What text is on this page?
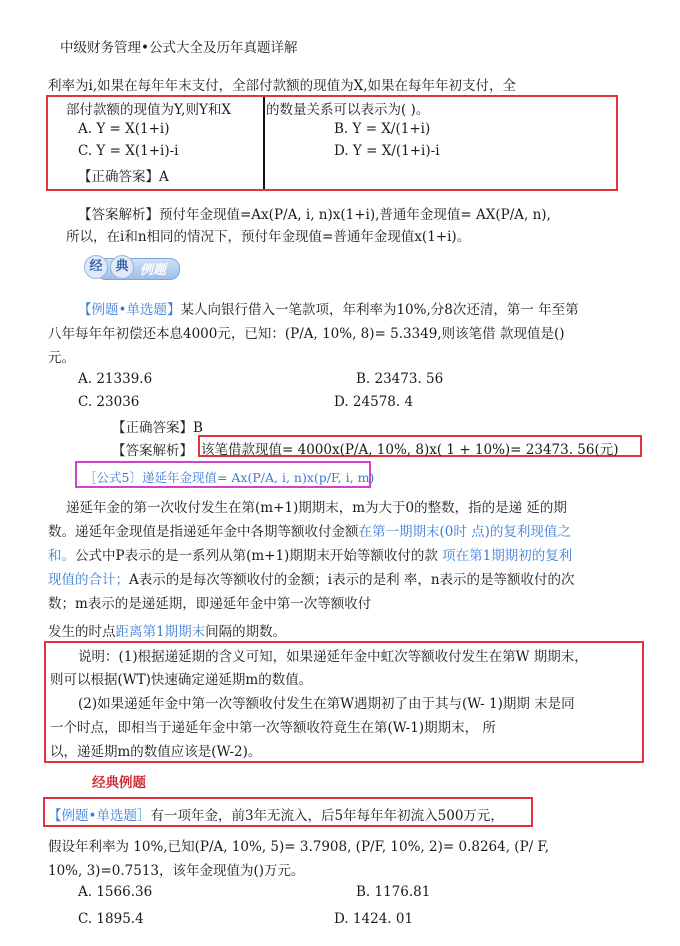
中级财务管理•公式大全及历年真题详解
利率为i,如果在每年年末支付，全部付款额的现值为X,如果在每年年初支付，全
部付款额的现值为Y,则Y和X	的数量关系可以表示为( )。
A. Y = X(1+i)	B. Y = X/(1+i)
C. Y = X(1+i)-i	D. Y = X/(1+i)-i
【正确答案】A
【答案解析】预付年金现值=Ax(P/A, i, n)x(1+i),普通年金现值= AX(P/A, n),
所以，在i和n相同的情况下，预付年金现值=普通年金现值x(1+i)。
经 典 例题
【例题•单选题】某人向银行借入一笔款项，年利率为10%,分8次还清，第一 年至第
八年每年年初偿还本息4000元，已知：(P/A, 10%, 8)= 5.3349,则该笔借 款现值是()
元。
A. 21339.6	B. 23473. 56
C. 23036	D. 24578. 4
【正确答案】B
【答案解析】 该笔借款现值= 4000x(P/A, 10%, 8)x( 1 + 10%)= 23473. 56(元)
［公式5〕递延年金现值= Ax(P/A, i, n)x(p/F, i, m)
递延年金的第一次收付发生在第(m+1)期期末，m为大于0的整数，指的是递 延的期
数。递延年金现值是指递延年金中各期等额收付金额在第一期期末(0时 点)的复利现值之
和。公式中P表示的是一系列从第(m+1)期期末开始等额收付的款 项在第1期期初的复利
现值的合计；A表示的是每次等额收付的金额；i表示的是利 率，n表示的是等额收付的次
数；m表示的是递延期，即递延年金中第一次等额收付
发生的时点距离第1期期末间隔的期数。
说明：(1)根据递延期的含义可知，如果递延年金中虹次等额收付发生在第W 期期末，
则可以根据(WT)快速确定递延期m的数值。
(2)如果递延年金中第一次等额收付发生在第W遇期初了由于其与(W- 1)期期 末是同
一个时点，即相当于递延年金中第一次等额收符竟生在第(W-1)期期末， 所
以，递延期m的数值应该是(W-2)。
经典例题
【例题•单选题］有一项年金，前3年无流入，后5年每年年初流入500万元，
假设年利率为 10%,已知(P/A, 10%, 5)= 3.7908, (P/F, 10%, 2)= 0.8264, (P/ F,
10%, 3)=0.7513，该年金现值为()万元。
A. 1566.36	B. 1176.81
C. 1895.4	D. 1424. 01
